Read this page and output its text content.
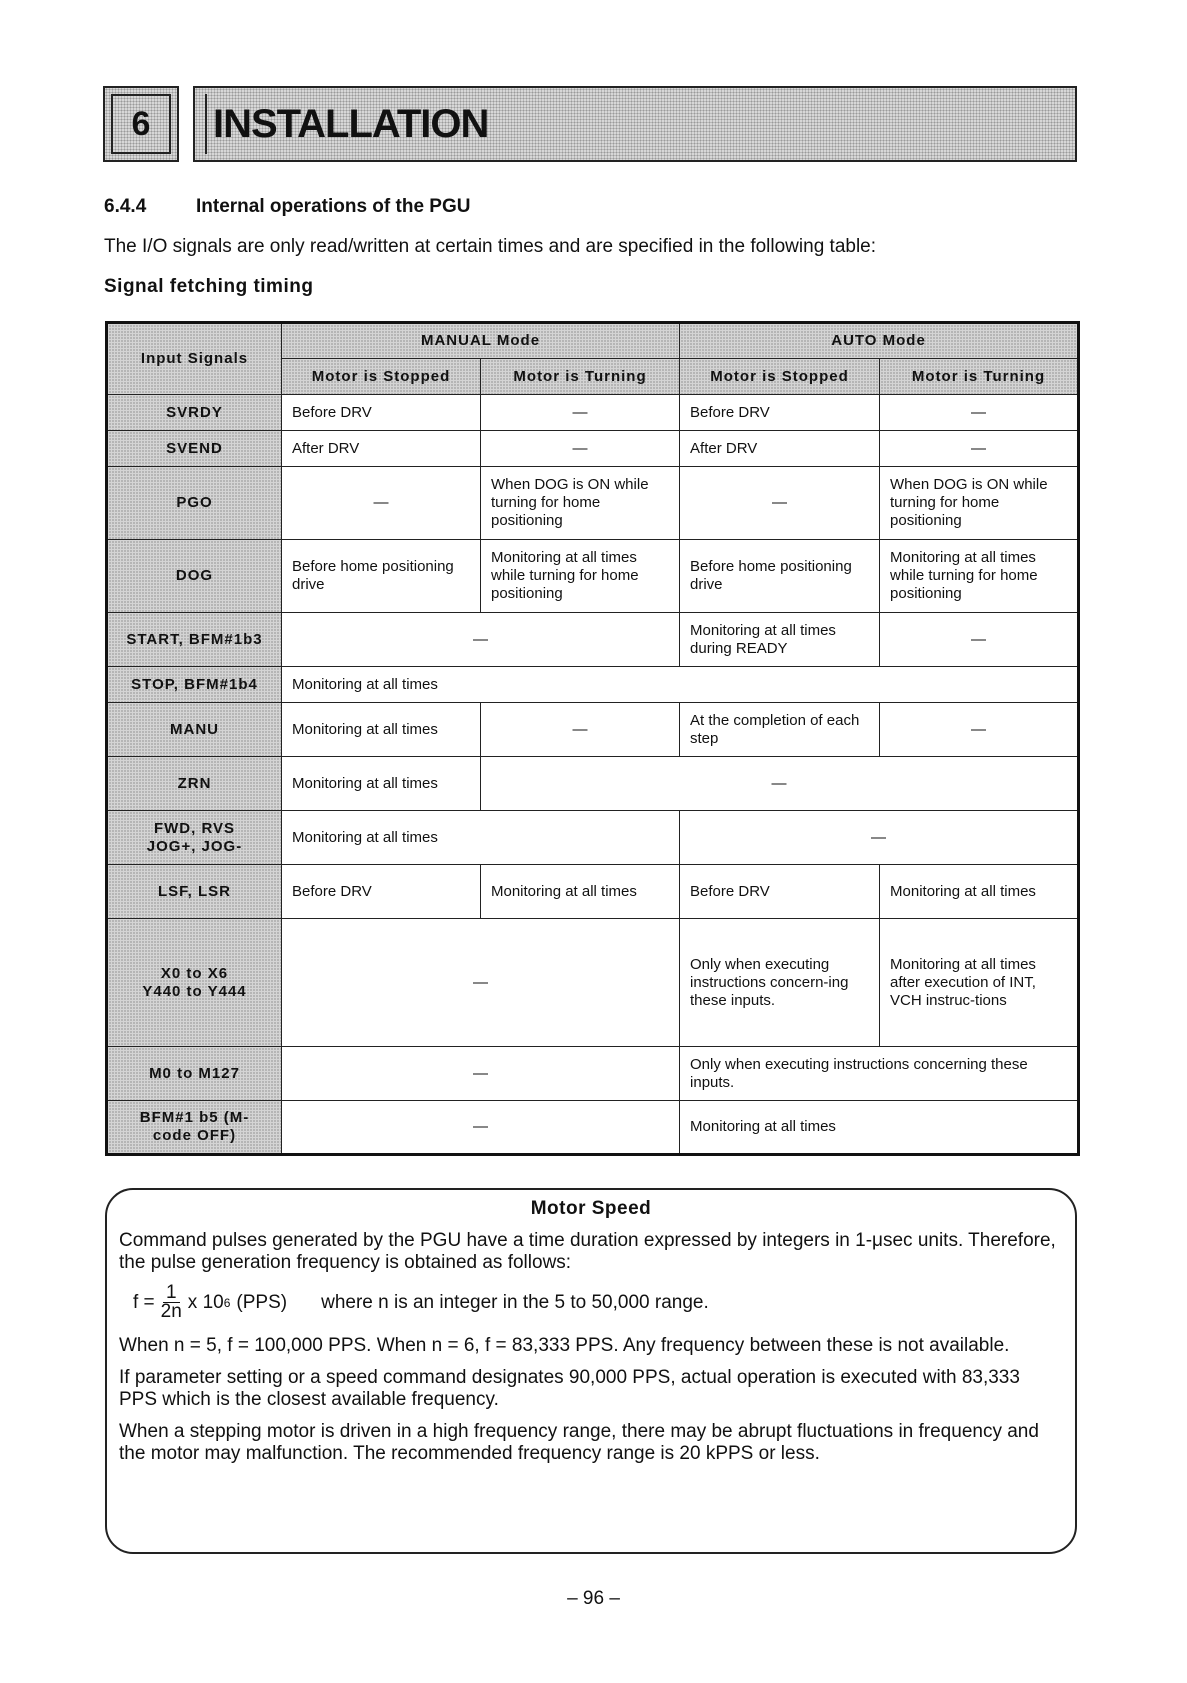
6	INSTALLATION
6.4.4	Internal operations of the PGU
The I/O signals are only read/written at certain times and are specified in the following table:
Signal fetching timing
Input Signals	MANUAL Mode		AUTO Mode	
	Motor is Stopped	Motor is Turning	Motor is Stopped	Motor is Turning
SVRDY	Before DRV	—	Before DRV	—
SVEND	After DRV	—	After DRV	—
PGO	—	When DOG is ON while turning for home positioning	—	When DOG is ON while turning for home positioning
DOG	Before home positioning drive	Monitoring at all times while turning for home positioning	Before home positioning drive	Monitoring at all times while turning for home positioning
START, BFM#1b3	—		Monitoring at all times during READY	—
STOP, BFM#1b4	Monitoring at all times			
MANU	Monitoring at all times	—	At the completion of each step	—
ZRN	Monitoring at all times	—		

FWD, RVS
JOG+, JOG-	Monitoring at all times		—	
LSF, LSR	Before DRV	Monitoring at all times	Before DRV	Monitoring at all times

X0 to X6
Y440 to Y444	—		Only when executing instructions concern-ing these inputs.	Monitoring at all times after execution of INT, VCH instruc-tions
M0 to M127	—		Only when executing instructions concerning these inputs.	

BFM#1 b5 (M-
code OFF)	—		Monitoring at all times	
Motor Speed

Command pulses generated by the PGU have a time duration expressed by integers in 1-μsec units. Therefore, the pulse generation frequency is obtained as follows:

$f = \frac{1}{2n}$ x 10 6 (PPS) where n is an integer in the 5 to 50,000 range.

When n = 5, f = 100,000 PPS. When n = 6, f = 83,333 PPS. Any frequency between these is not available.

If parameter setting or a speed command designates 90,000 PPS, actual operation is executed with 83,333 PPS which is the closest available frequency.

When a stepping motor is driven in a high frequency range, there may be abrupt fluctuations in frequency and the motor may malfunction. The recommended frequency range is 20 kPPS or less.

– 96 –
